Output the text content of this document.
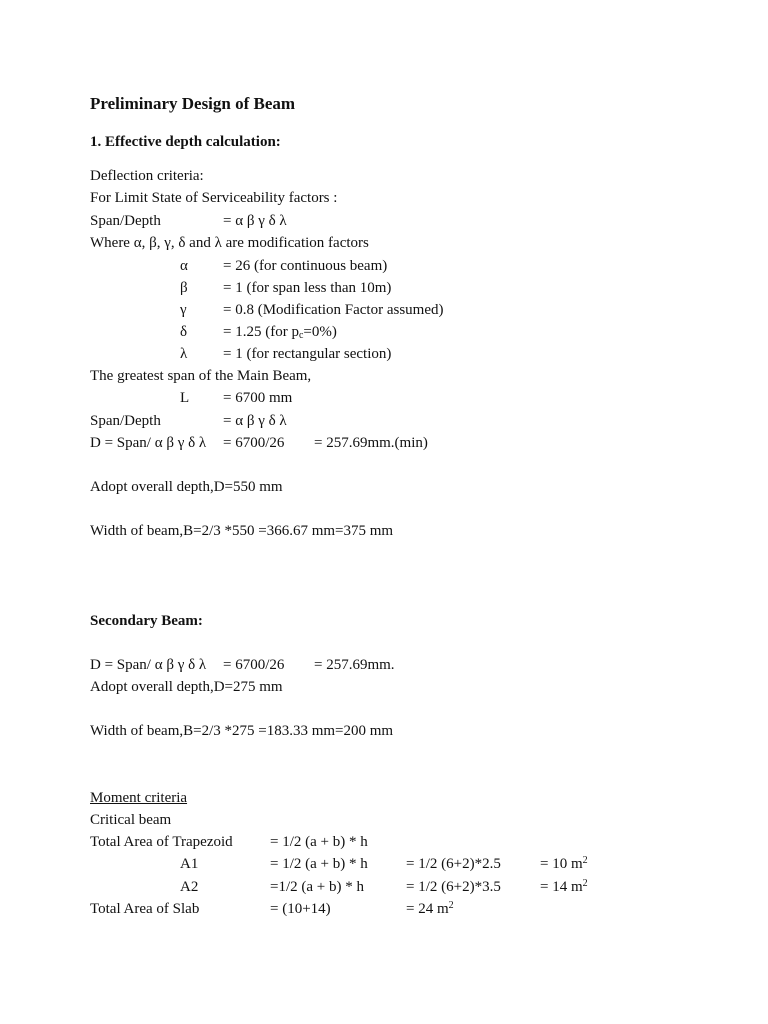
Preliminary Design of Beam
1. Effective depth calculation:
Deflection criteria:
For Limit State of Serviceability factors :
Span/Depth	= α β γ δ λ
Where α, β, γ, δ and λ are modification factors
α = 26 (for continuous beam)
β = 1 (for span less than 10m)
γ = 0.8 (Modification Factor assumed)
δ = 1.25 (for $p_c=0\%$)
λ = 1 (for rectangular section)
The greatest span of the Main Beam,
L = 6700 mm
Span/Depth	= α β γ δ λ
D = Span/ α β γ δ λ = 6700/26 = 257.69mm.(min)
Adopt overall depth,D=550 mm
Width of beam,B=2/3 *550 =366.67 mm=375 mm
Secondary Beam:
D = Span/ α β γ δ λ = 6700/26 = 257.69mm.
Adopt overall depth,D=275 mm
Width of beam,B=2/3 *275 =183.33 mm=200 mm
Moment criteria
Critical beam
Total Area of Trapezoid = 1/2 (a + b) * h
A1	= 1/2 (a + b) * h	= 1/2 (6+2)*2.5	= 10 $m^2$
A2	=1/2 (a + b) * h	= 1/2 (6+2)*3.5	= 14 $m^2$
Total Area of Slab	= (10+14)	= 24 $m^2$
